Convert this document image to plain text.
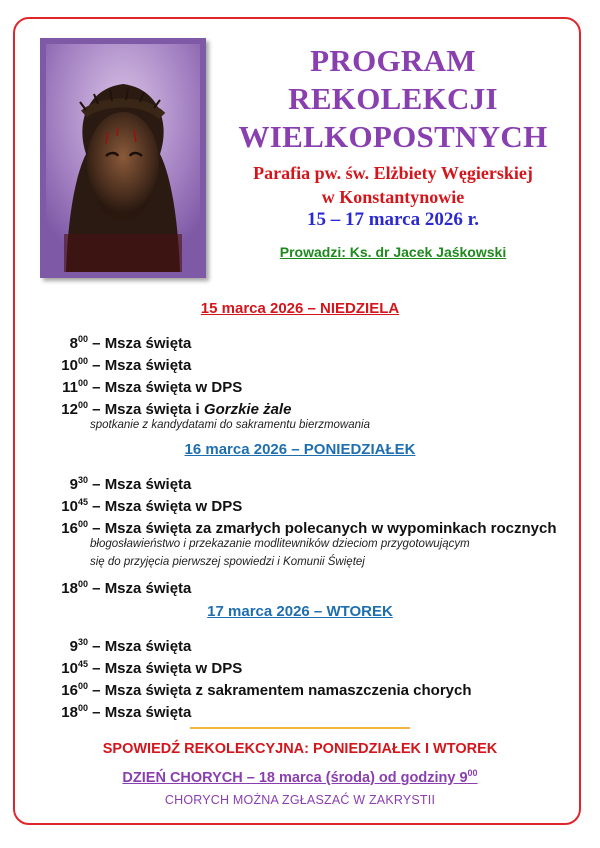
PROGRAM
REKOLEKCJI
WIELKOPOSTNYCH
Parafia pw. św. Elżbiety Węgierskiej
w Konstantynowie
15 – 17 marca 2026 r.
Prowadzi: Ks. dr Jacek Jaśkowski
15 marca 2026 – NIEDZIELA
$8^{00}$ – Msza święta
$10^{00}$ – Msza święta
$11^{00}$ – Msza święta w DPS
$12^{00}$ – Msza święta i Gorzkie żale
spotkanie z kandydatami do sakramentu bierzmowania
16 marca 2026 – PONIEDZIAŁEK
$9^{30}$ – Msza święta
$10^{45}$ – Msza święta w DPS
$16^{00}$ – Msza święta za zmarłych polecanych w wypominkach rocznych
błogosławieństwo i przekazanie modlitewników dzieciom przygotowującym
się do przyjęcia pierwszej spowiedzi i Komunii Świętej
$18^{00}$ – Msza święta
17 marca 2026 – WTOREK
$9^{30}$ – Msza święta
$10^{45}$ – Msza święta w DPS
$16^{00}$ – Msza święta z sakramentem namaszczenia chorych
$18^{00}$ – Msza święta
SPOWIEDŹ REKOLEKCYJNA: PONIEDZIAŁEK I WTOREK
DZIEŃ CHORYCH – 18 marca (środa) od godziny $9^{00}$
CHORYCH MOŻNA ZGŁASZAĆ W ZAKRYSTII
